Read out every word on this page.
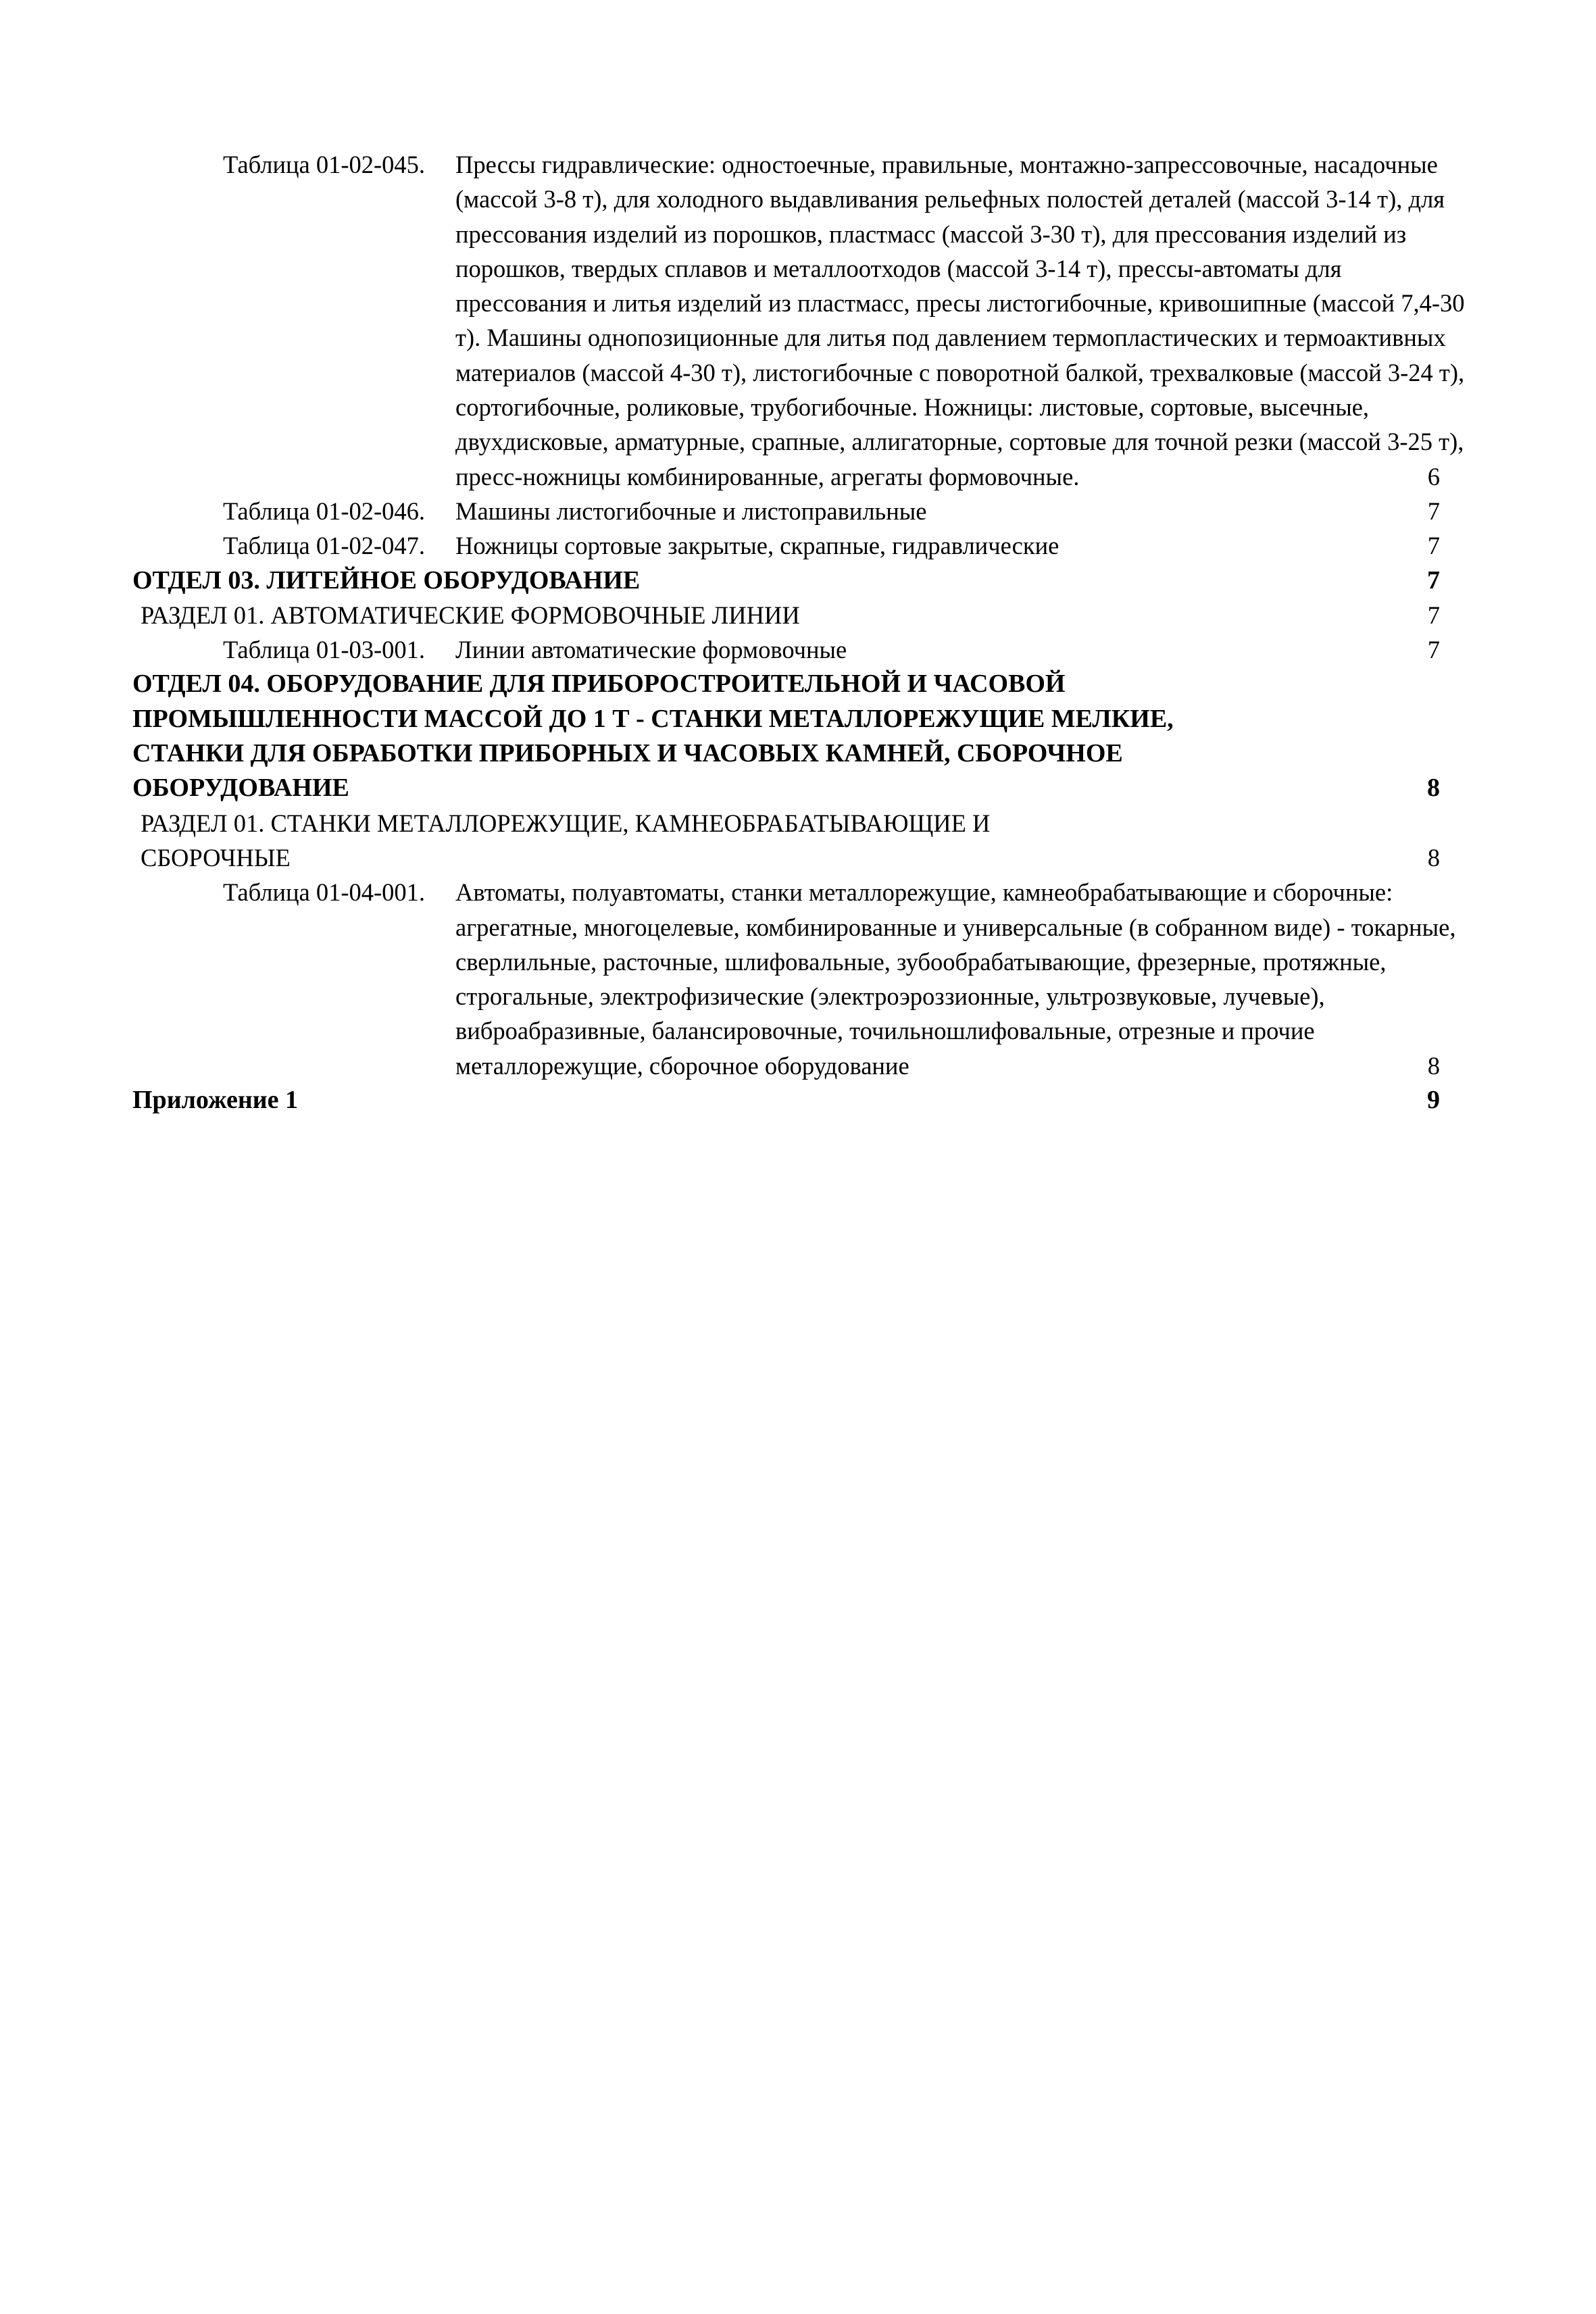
Таблица 01-02-045. Прессы гидравлические: одностоечные, правильные, монтажно-запрессовочные, насадочные (массой 3-8 т), для холодного выдавливания рельефных полостей деталей (массой 3-14 т), для прессования изделий из порошков, пластмасс (массой 3-30 т), для прессования изделий из порошков, твердых сплавов и металлоотходов (массой 3-14 т), прессы-автоматы для прессования и литья изделий из пластмасс, пресы листогибочные, кривошипные (массой 7,4-30 т). Машины однопозиционные для литья под давлением термопластических и термоактивных материалов (массой 4-30 т), листогибочные с поворотной балкой, трехвалковые (массой 3-24 т), сортогибочные, роликовые, трубогибочные. Ножницы: листовые, сортовые, высечные, двухдисковые, арматурные, срапные, аллигаторные, сортовые для точной резки (массой 3-25 т), пресс-ножницы комбинированные, агрегаты формовочные.	6
Таблица 01-02-046. Машины листогибочные и листоправильные	7
Таблица 01-02-047. Ножницы сортовые закрытые, скрапные, гидравлические	7
ОТДЕЛ 03. ЛИТЕЙНОЕ ОБОРУДОВАНИЕ	7
РАЗДЕЛ 01. АВТОМАТИЧЕСКИЕ ФОРМОВОЧНЫЕ ЛИНИИ	7
Таблица 01-03-001. Линии автоматические формовочные	7
ОТДЕЛ 04. ОБОРУДОВАНИЕ ДЛЯ ПРИБОРОСТРОИТЕЛЬНОЙ И ЧАСОВОЙ ПРОМЫШЛЕННОСТИ МАССОЙ ДО 1 Т - СТАНКИ МЕТАЛЛОРЕЖУЩИЕ МЕЛКИЕ, СТАНКИ ДЛЯ ОБРАБОТКИ ПРИБОРНЫХ И ЧАСОВЫХ КАМНЕЙ, СБОРОЧНОЕ ОБОРУДОВАНИЕ	8
РАЗДЕЛ 01. СТАНКИ МЕТАЛЛОРЕЖУЩИЕ, КАМНЕОБРАБАТЫВАЮЩИЕ И СБОРОЧНЫЕ	8
Таблица 01-04-001. Автоматы, полуавтоматы, станки металлорежущие, камнеобрабатывающие и сборочные: агрегатные, многоцелевые, комбинированные и универсальные (в собранном виде) - токарные, сверлильные, расточные, шлифовальные, зубообрабатывающие, фрезерные, протяжные, строгальные, электрофизические (электроэроззионные, ультрозвуковые, лучевые), виброабразивные, балансировочные, точильношлифовальные, отрезные и прочие металлорежущие, сборочное оборудование	8
Приложение 1	9
